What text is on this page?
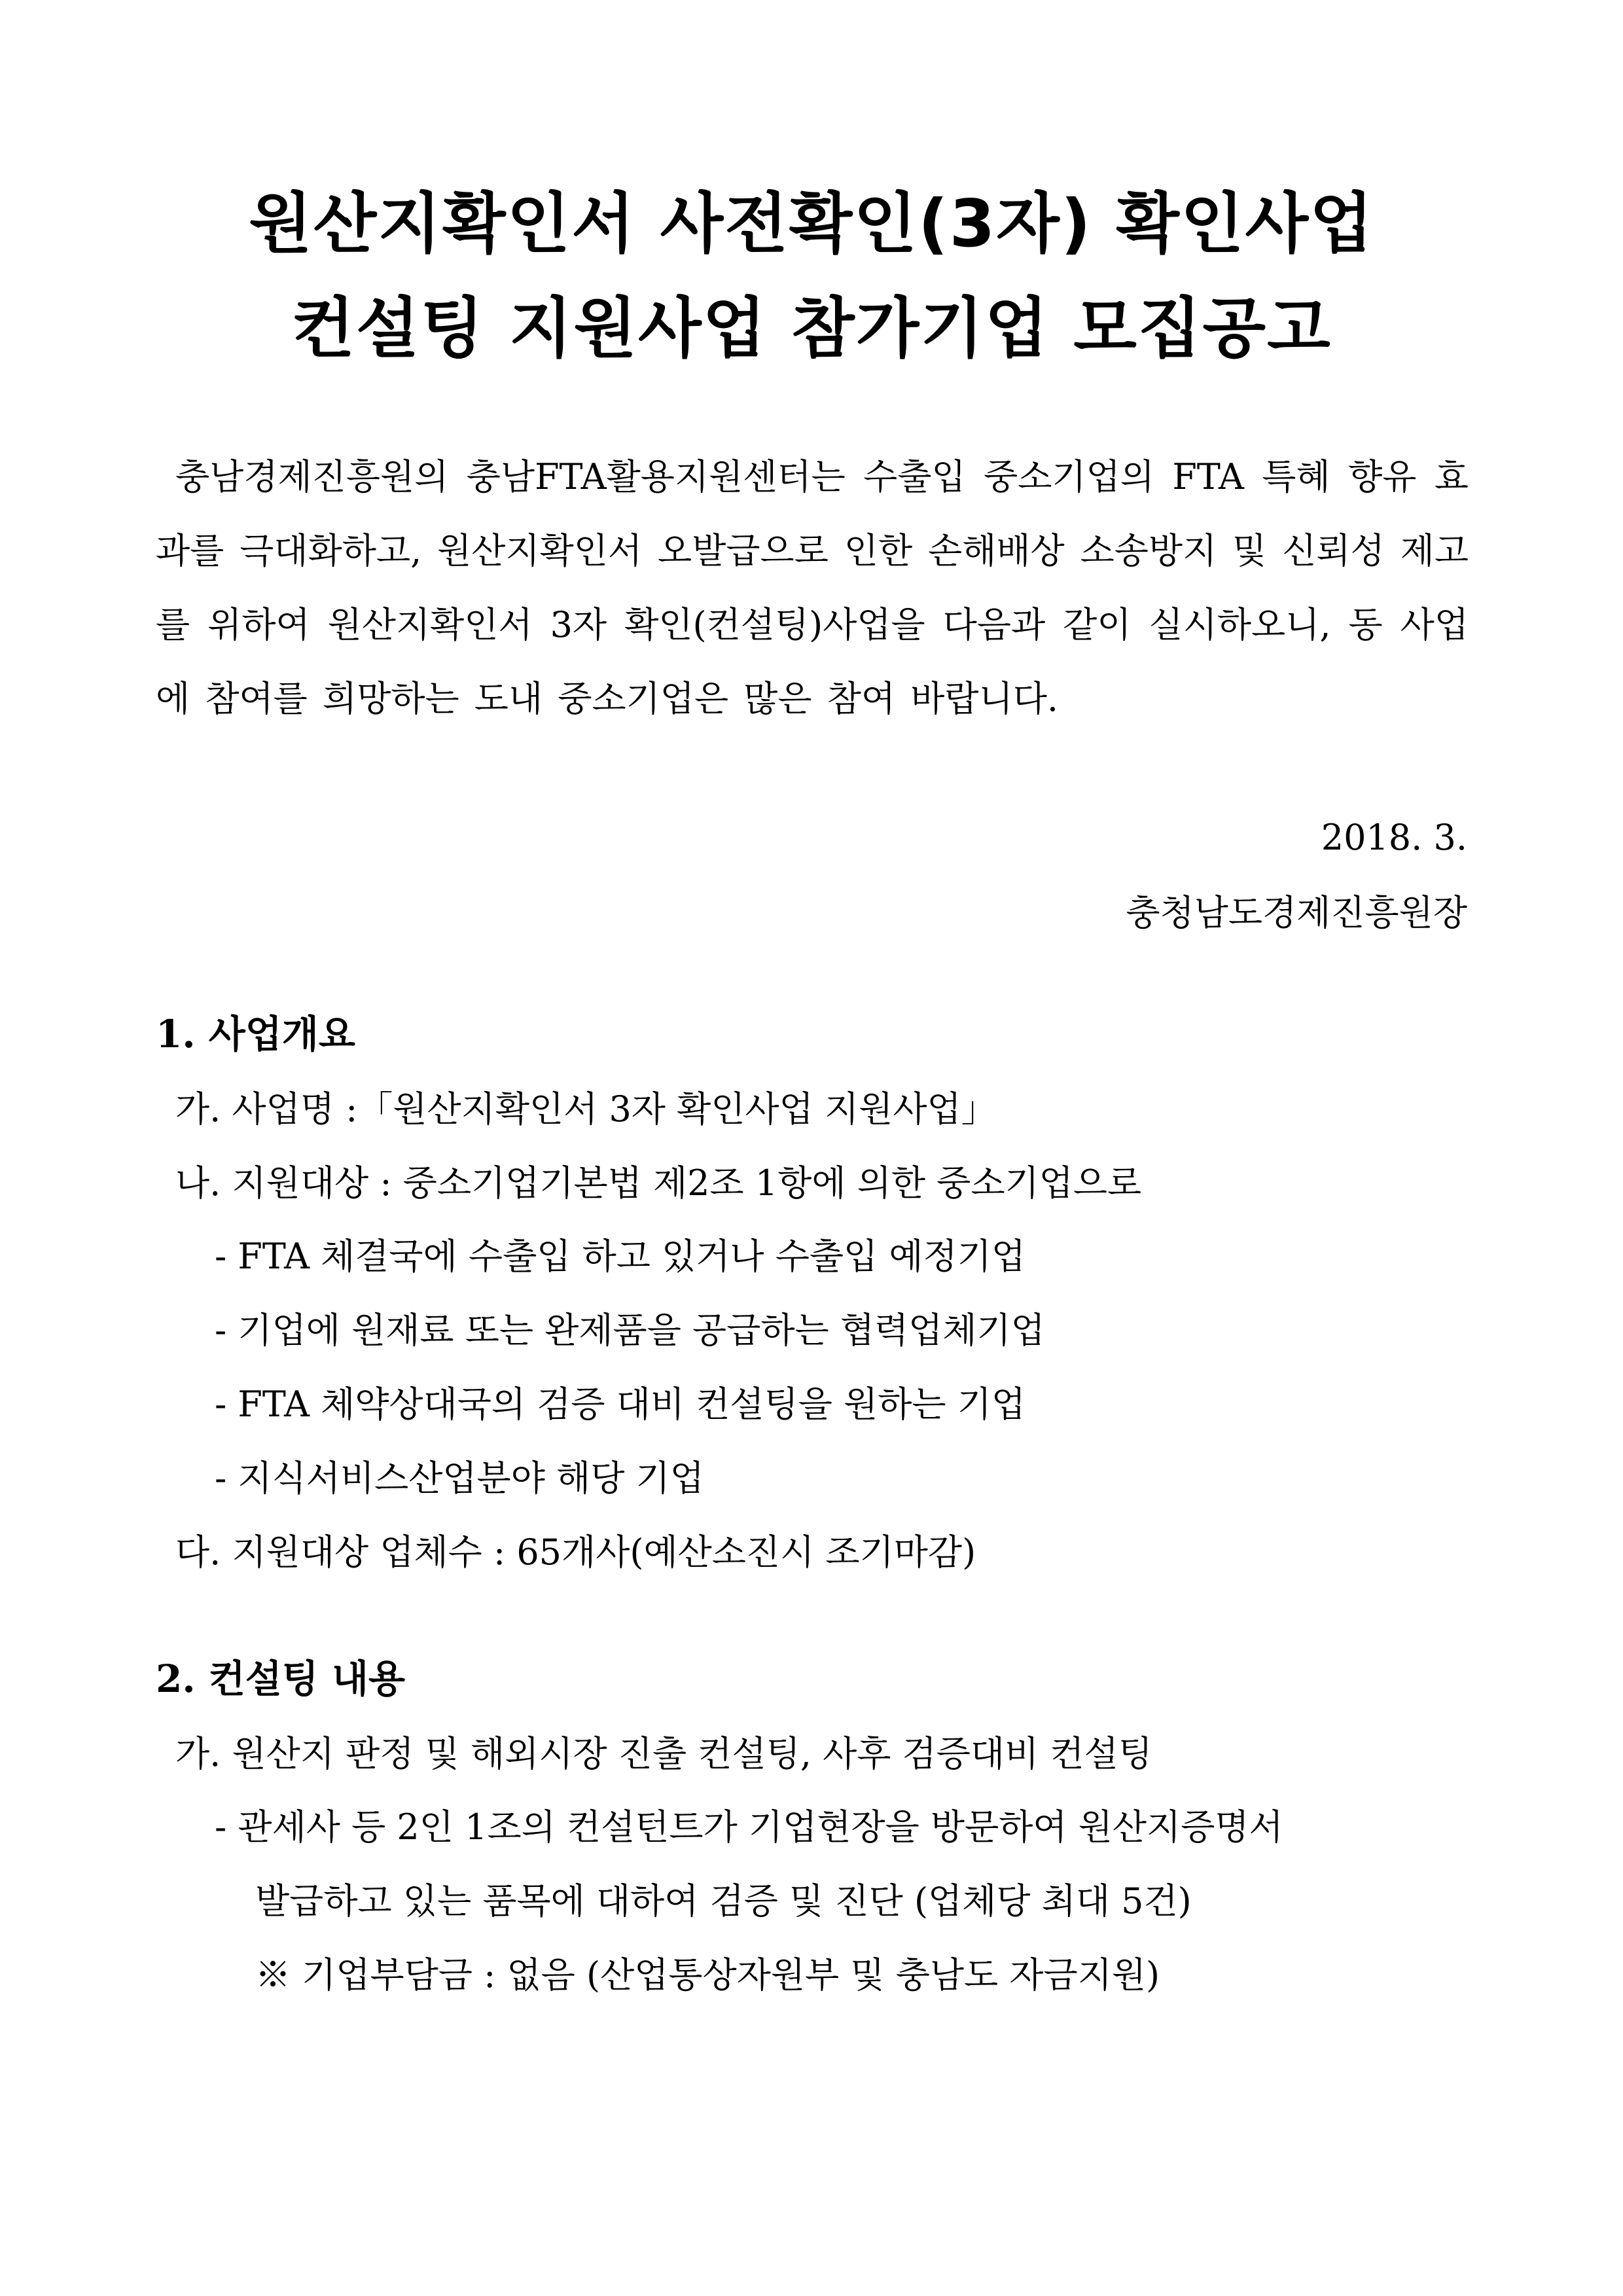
원산지확인서 사전확인(3자) 확인사업
컨설팅 지원사업 참가기업 모집공고
충남경제진흥원의 충남FTA활용지원센터는 수출입 중소기업의 FTA 특혜 향유 효과를 극대화하고, 원산지확인서 오발급으로 인한 손해배상 소송방지 및 신뢰성 제고를 위하여 원산지확인서 3자 확인(컨설팅)사업을 다음과 같이 실시하오니, 동 사업에 참여를 희망하는 도내 중소기업은 많은 참여 바랍니다.
2018. 3.
충청남도경제진흥원장
1. 사업개요
가. 사업명 :「원산지확인서 3자 확인사업 지원사업」
나. 지원대상 : 중소기업기본법 제2조 1항에 의한 중소기업으로
- FTA 체결국에 수출입 하고 있거나 수출입 예정기업
- 기업에 원재료 또는 완제품을 공급하는 협력업체기업
- FTA 체약상대국의 검증 대비 컨설팅을 원하는 기업
- 지식서비스산업분야 해당 기업
다. 지원대상 업체수 : 65개사(예산소진시 조기마감)
2. 컨설팅 내용
가. 원산지 판정 및 해외시장 진출 컨설팅, 사후 검증대비 컨설팅
- 관세사 등 2인 1조의 컨설턴트가 기업현장을 방문하여 원산지증명서
발급하고 있는 품목에 대하여 검증 및 진단 (업체당 최대 5건)
※ 기업부담금 : 없음 (산업통상자원부 및 충남도 자금지원)
